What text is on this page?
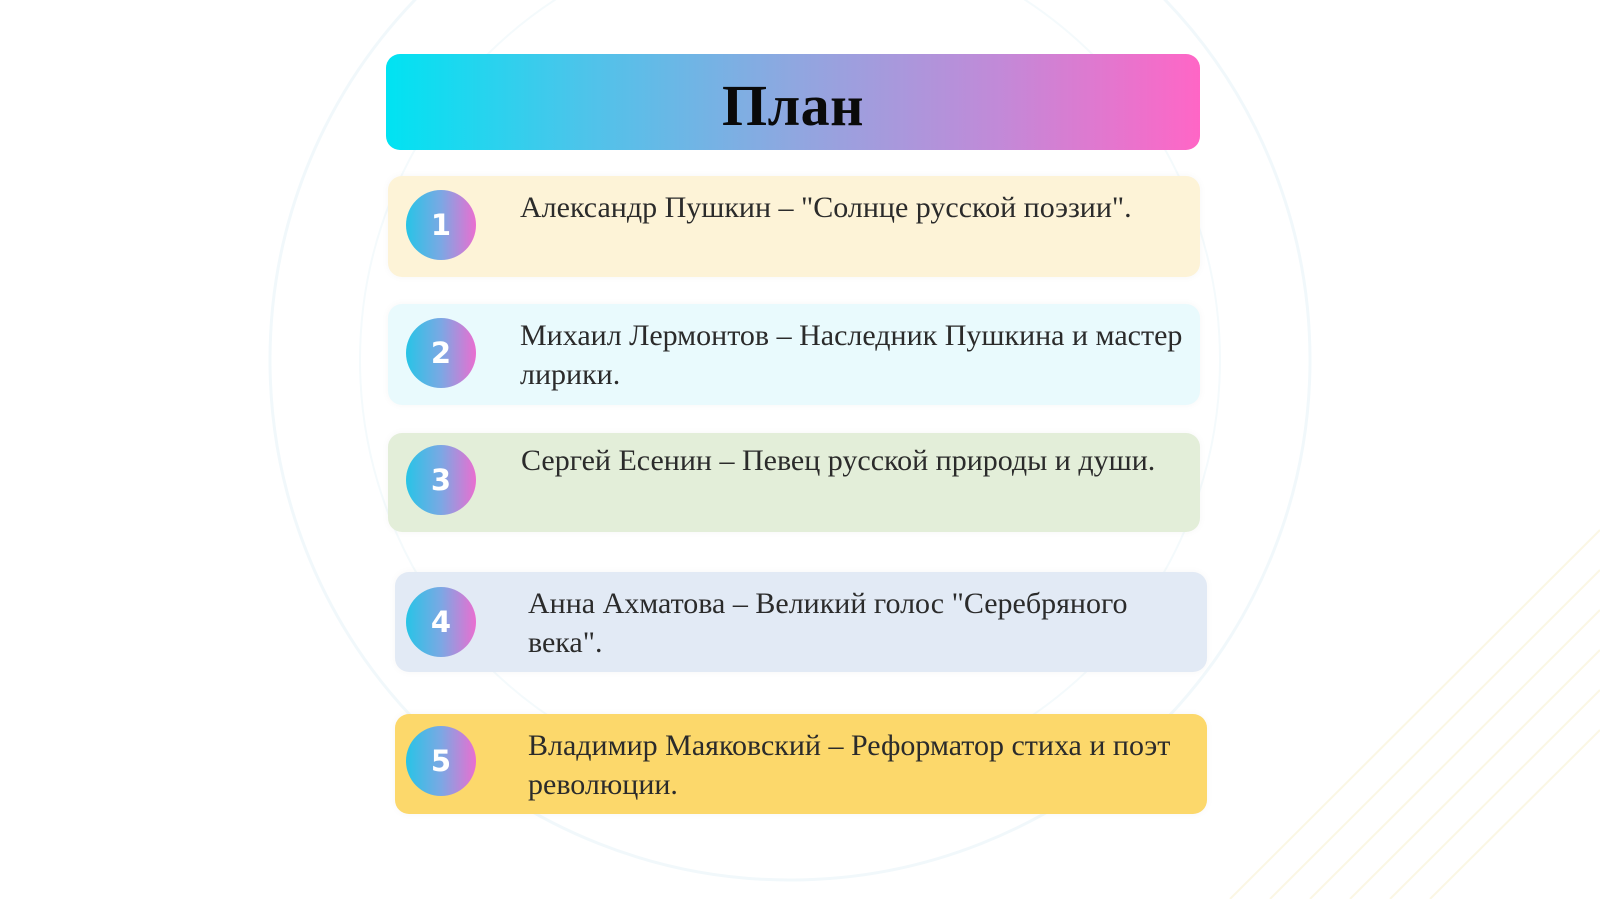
План
1
Александр Пушкин – "Солнце русской поэзии".
2
Михаил Лермонтов – Наследник Пушкина и мастер лирики.
3
Сергей Есенин – Певец русской природы и души.
4
Анна Ахматова – Великий голос "Серебряного века".
5	Владимир Маяковский – Реформатор стиха и поэт революции.
